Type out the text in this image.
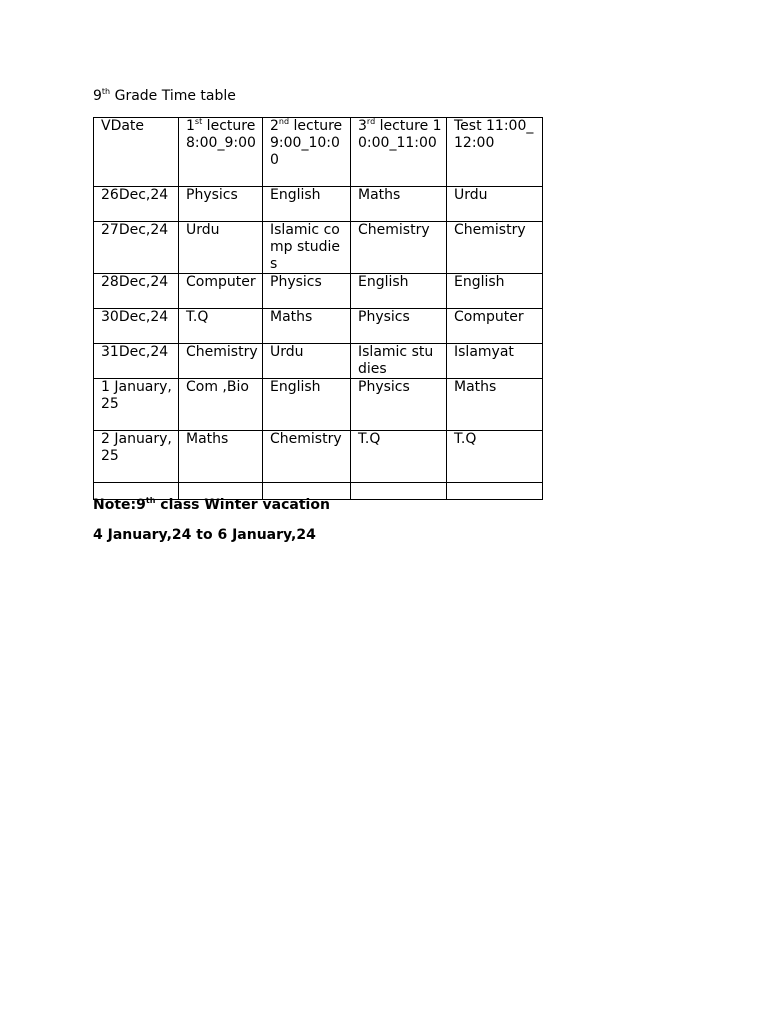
9th Grade Time table
VDate	1st lecture 8:00_9:00	2nd lecture 9:00_10:00	3rd lecture 10:00_11:00	Test 11:00_12:00
26Dec,24	Physics	English	Maths	Urdu
27Dec,24	Urdu	Islamic comp studies	Chemistry	Chemistry
28Dec,24	Computer	Physics	English	English
30Dec,24	T.Q	Maths	Physics	Computer
31Dec,24	Chemistry	Urdu	Islamic studies	Islamyat
1 January, 25	Com ,Bio	English	Physics	Maths
2 January, 25	Maths	Chemistry	T.Q	T.Q

Note:9th class Winter vacation
4 January,24 to 6 January,24
